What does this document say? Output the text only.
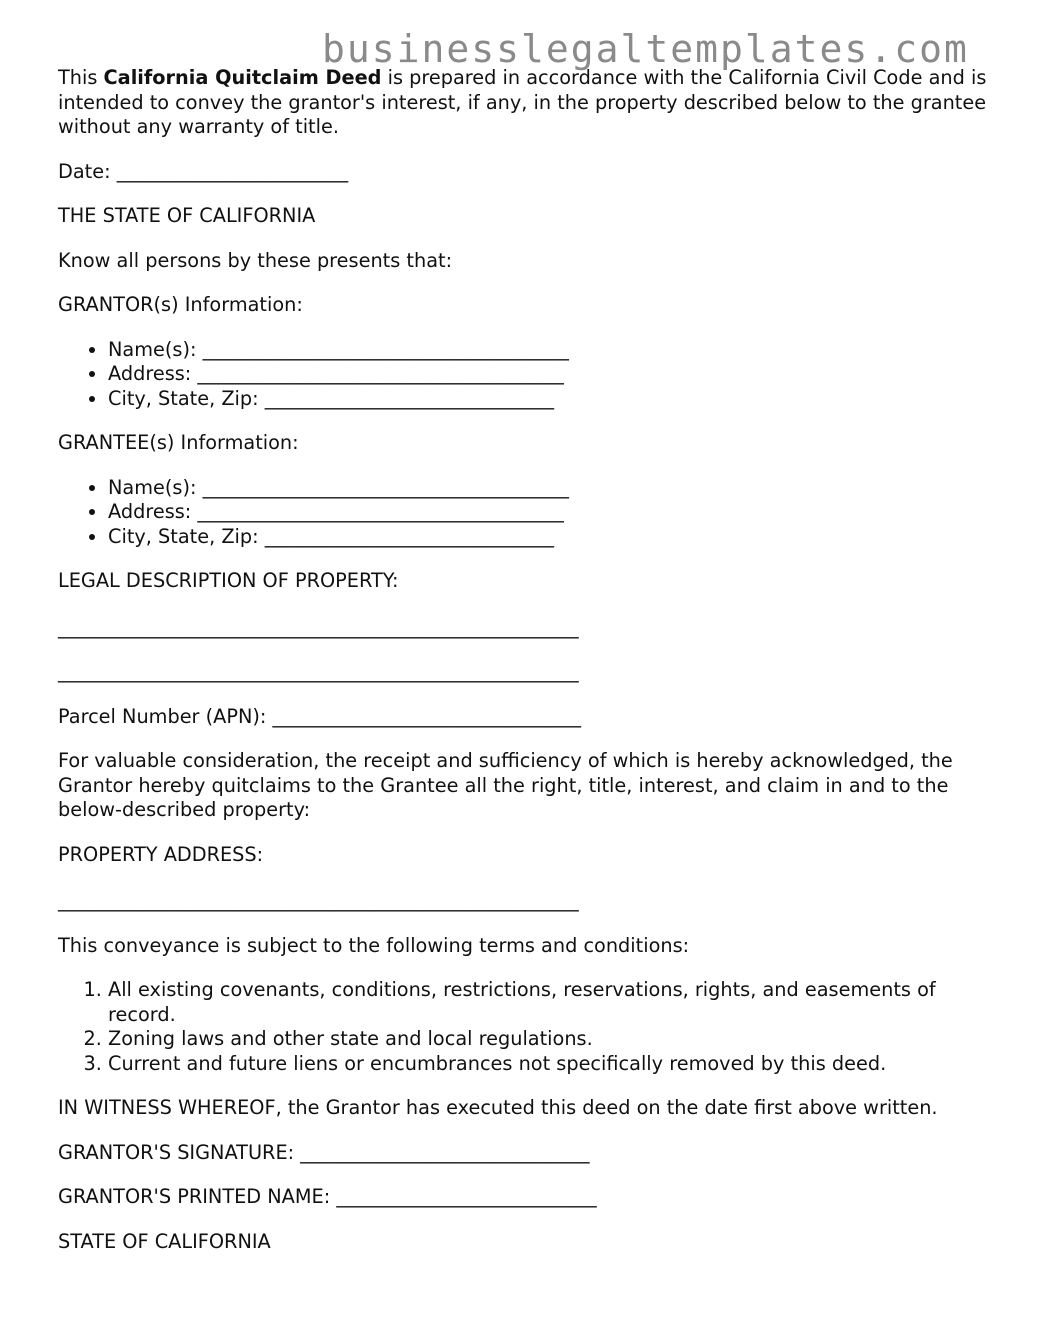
businesslegaltemplates.com

This California Quitclaim Deed is prepared in accordance with the California Civil Code and is intended to convey the grantor's interest, if any, in the property described below to the grantee without any warranty of title.

Date: ________________________

THE STATE OF CALIFORNIA

Know all persons by these presents that:

GRANTOR(s) Information:

• Name(s): ______________________________________
• Address: ______________________________________
• City, State, Zip: ______________________________

GRANTEE(s) Information:

• Name(s): ______________________________________
• Address: ______________________________________
• City, State, Zip: ______________________________

LEGAL DESCRIPTION OF PROPERTY:

______________________________________________________

______________________________________________________

Parcel Number (APN): ________________________________

For valuable consideration, the receipt and sufficiency of which is hereby acknowledged, the Grantor hereby quitclaims to the Grantee all the right, title, interest, and claim in and to the below-described property:

PROPERTY ADDRESS:

______________________________________________________

This conveyance is subject to the following terms and conditions:

1. All existing covenants, conditions, restrictions, reservations, rights, and easements of record.
2. Zoning laws and other state and local regulations.
3. Current and future liens or encumbrances not specifically removed by this deed.

IN WITNESS WHEREOF, the Grantor has executed this deed on the date first above written.

GRANTOR'S SIGNATURE: ______________________________

GRANTOR'S PRINTED NAME: ___________________________

STATE OF CALIFORNIA
